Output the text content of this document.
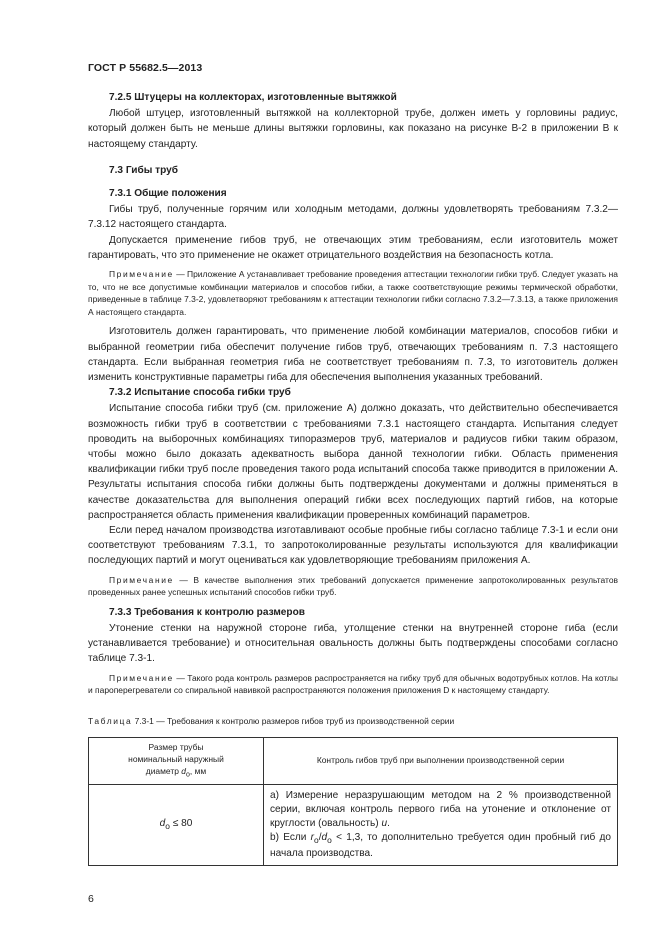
ГОСТ Р 55682.5—2013
7.2.5 Штуцеры на коллекторах, изготовленные вытяжкой

Любой штуцер, изготовленный вытяжкой на коллекторной трубе, должен иметь у горловины радиус, который должен быть не меньше длины вытяжки горловины, как показано на рисунке В-2 в приложении В к настоящему стандарту.

7.3 Гибы труб
7.3.1 Общие положения

Гибы труб, полученные горячим или холодным методами, должны удовлетворять требованиям 7.3.2—7.3.12 настоящего стандарта.

Допускается применение гибов труб, не отвечающих этим требованиям, если изготовитель может гарантировать, что это применение не окажет отрицательного воздействия на безопасность котла.

Примечание — Приложение А устанавливает требование проведения аттестации технологии гибки труб. Следует указать на то, что не все допустимые комбинации материалов и способов гибки, а также соответствующие режимы термической обработки, приведенные в таблице 7.3-2, удовлетворяют требованиям к аттестации технологии гибки согласно 7.3.2—7.3.13, а также приложения А настоящего стандарта.

Изготовитель должен гарантировать, что применение любой комбинации материалов, способов гибки и выбранной геометрии гиба обеспечит получение гибов труб, отвечающих требованиям п. 7.3 настоящего стандарта. Если выбранная геометрия гиба не соответствует требованиям п. 7.3, то изготовитель должен изменить конструктивные параметры гиба для обеспечения выполнения указанных требований.

7.3.2 Испытание способа гибки труб

Испытание способа гибки труб (см. приложение А) должно доказать, что действительно обеспечивается возможность гибки труб в соответствии с требованиями 7.3.1 настоящего стандарта. Испытания следует проводить на выборочных комбинациях типоразмеров труб, материалов и радиусов гибки таким образом, чтобы можно было доказать адекватность выбора данной технологии гибки. Область применения квалификации гибки труб после проведения такого рода испытаний способа также приводится в приложении А. Результаты испытания способа гибки должны быть подтверждены документами и должны применяться в качестве доказательства для выполнения операций гибки всех последующих партий гибов, на которые распространяется область применения квалификации проверенных комбинаций параметров.

Если перед началом производства изготавливают особые пробные гибы согласно таблице 7.3-1 и если они соответствуют требованиям 7.3.1, то запротоколированные результаты используются для квалификации последующих партий и могут оцениваться как удовлетворяющие требованиям приложения А.

Примечание — В качестве выполнения этих требований допускается применение запротоколированных результатов проведенных ранее успешных испытаний способов гибки труб.

7.3.3 Требования к контролю размеров

Утонение стенки на наружной стороне гиба, утолщение стенки на внутренней стороне гиба (если устанавливается требование) и относительная овальность должны быть подтверждены способами согласно таблице 7.3-1.

Примечание — Такого рода контроль размеров распространяется на гибку труб для обычных водотрубных котлов. На котлы и пароперегреватели со спиральной навивкой распространяются положения приложения D к настоящему стандарту.

Таблица 7.3-1 — Требования к контролю размеров гибов труб из производственной серии
Размер трубы
номинальный наружный
диаметр $d_o$, мм	Контроль гибов труб при выполнении производственной серии
$d_o \le 80$	а) Измерение неразрушающим методом на 2 % производственной серии, включая контроль первого гиба на утонение и отклонение от круглости (овальность) u.
b) Если $r_o/d_o < 1,3$, то дополнительно требуется один пробный гиб до начала производства.
6
